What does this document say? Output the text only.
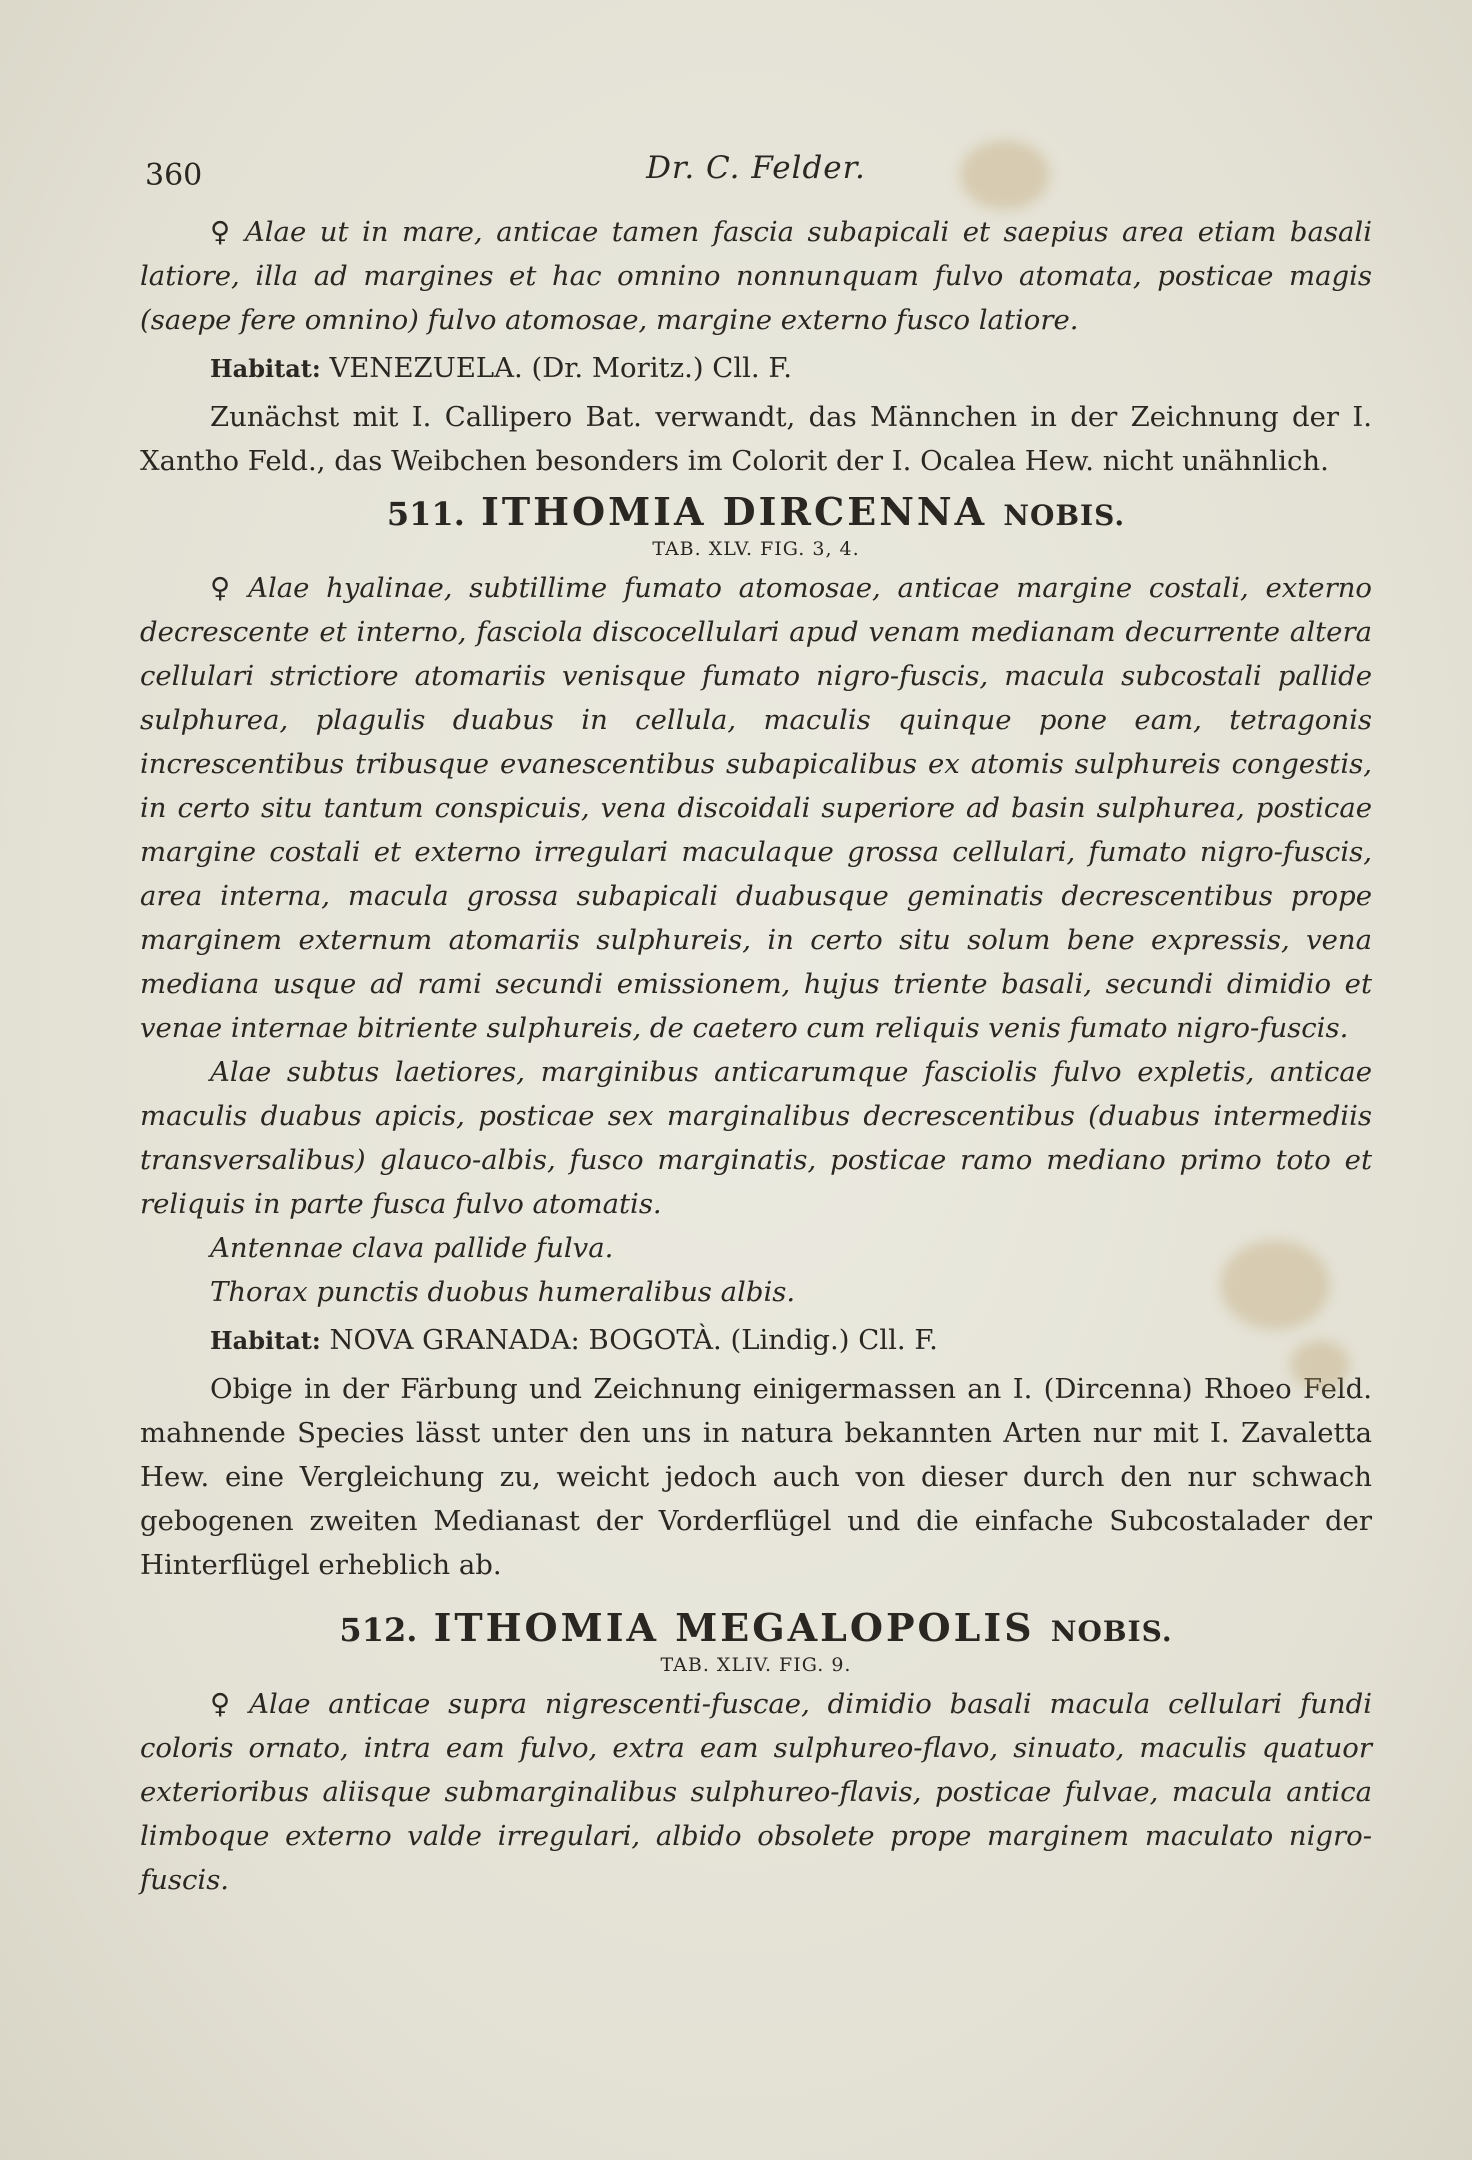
360	Dr. C. Felder.

♀ Alae ut in mare, anticae tamen fascia subapicali et saepius area etiam basali latiore, illa ad margines et hac omnino nonnunquam fulvo atomata, posticae magis (saepe fere omnino) fulvo atomosae, margine externo fusco latiore.

Habitat: VENEZUELA. (Dr. Moritz.) Cll. F.

Zunächst mit I. Callipero Bat. verwandt, das Männchen in der Zeichnung der I. Xantho Feld., das Weibchen besonders im Colorit der I. Ocalea Hew. nicht unähnlich.

511. ITHOMIA DIRCENNA NOBIS.
TAB. XLV. FIG. 3, 4.

♀ Alae hyalinae, subtillime fumato atomosae, anticae margine costali, externo decrescente et interno, fasciola discocellulari apud venam medianam decurrente altera cellulari strictiore atomariis venisque fumato nigro-fuscis, macula subcostali pallide sulphurea, plagulis duabus in cellula, maculis quinque pone eam, tetragonis increscentibus tribusque evanescentibus subapicalibus ex atomis sulphureis congestis, in certo situ tantum conspicuis, vena discoidali superiore ad basin sulphurea, posticae margine costali et externo irregulari maculaque grossa cellulari, fumato nigro-fuscis, area interna, macula grossa subapicali duabusque geminatis decrescentibus prope marginem externum atomariis sulphureis, in certo situ solum bene expressis, vena mediana usque ad rami secundi emissionem, hujus triente basali, secundi dimidio et venae internae bitriente sulphureis, de caetero cum reliquis venis fumato nigro-fuscis.

Alae subtus laetiores, marginibus anticarumque fasciolis fulvo expletis, anticae maculis duabus apicis, posticae sex marginalibus decrescentibus (duabus intermediis transversalibus) glauco-albis, fusco marginatis, posticae ramo mediano primo toto et reliquis in parte fusca fulvo atomatis.

Antennae clava pallide fulva.

Thorax punctis duobus humeralibus albis.

Habitat: NOVA GRANADA: BOGOTÀ. (Lindig.) Cll. F.

Obige in der Färbung und Zeichnung einigermassen an I. (Dircenna) Rhoeo Feld. mahnende Species lässt unter den uns in natura bekannten Arten nur mit I. Zavaletta Hew. eine Vergleichung zu, weicht jedoch auch von dieser durch den nur schwach gebogenen zweiten Medianast der Vorderflügel und die einfache Subcostalader der Hinterflügel erheblich ab.

512. ITHOMIA MEGALOPOLIS NOBIS.
TAB. XLIV. FIG. 9.

♀ Alae anticae supra nigrescenti-fuscae, dimidio basali macula cellulari fundi coloris ornato, intra eam fulvo, extra eam sulphureo-flavo, sinuato, maculis quatuor exterioribus aliisque submarginalibus sulphureo-flavis, posticae fulvae, macula antica limboque externo valde irregulari, albido obsolete prope marginem maculato nigro-fuscis.
